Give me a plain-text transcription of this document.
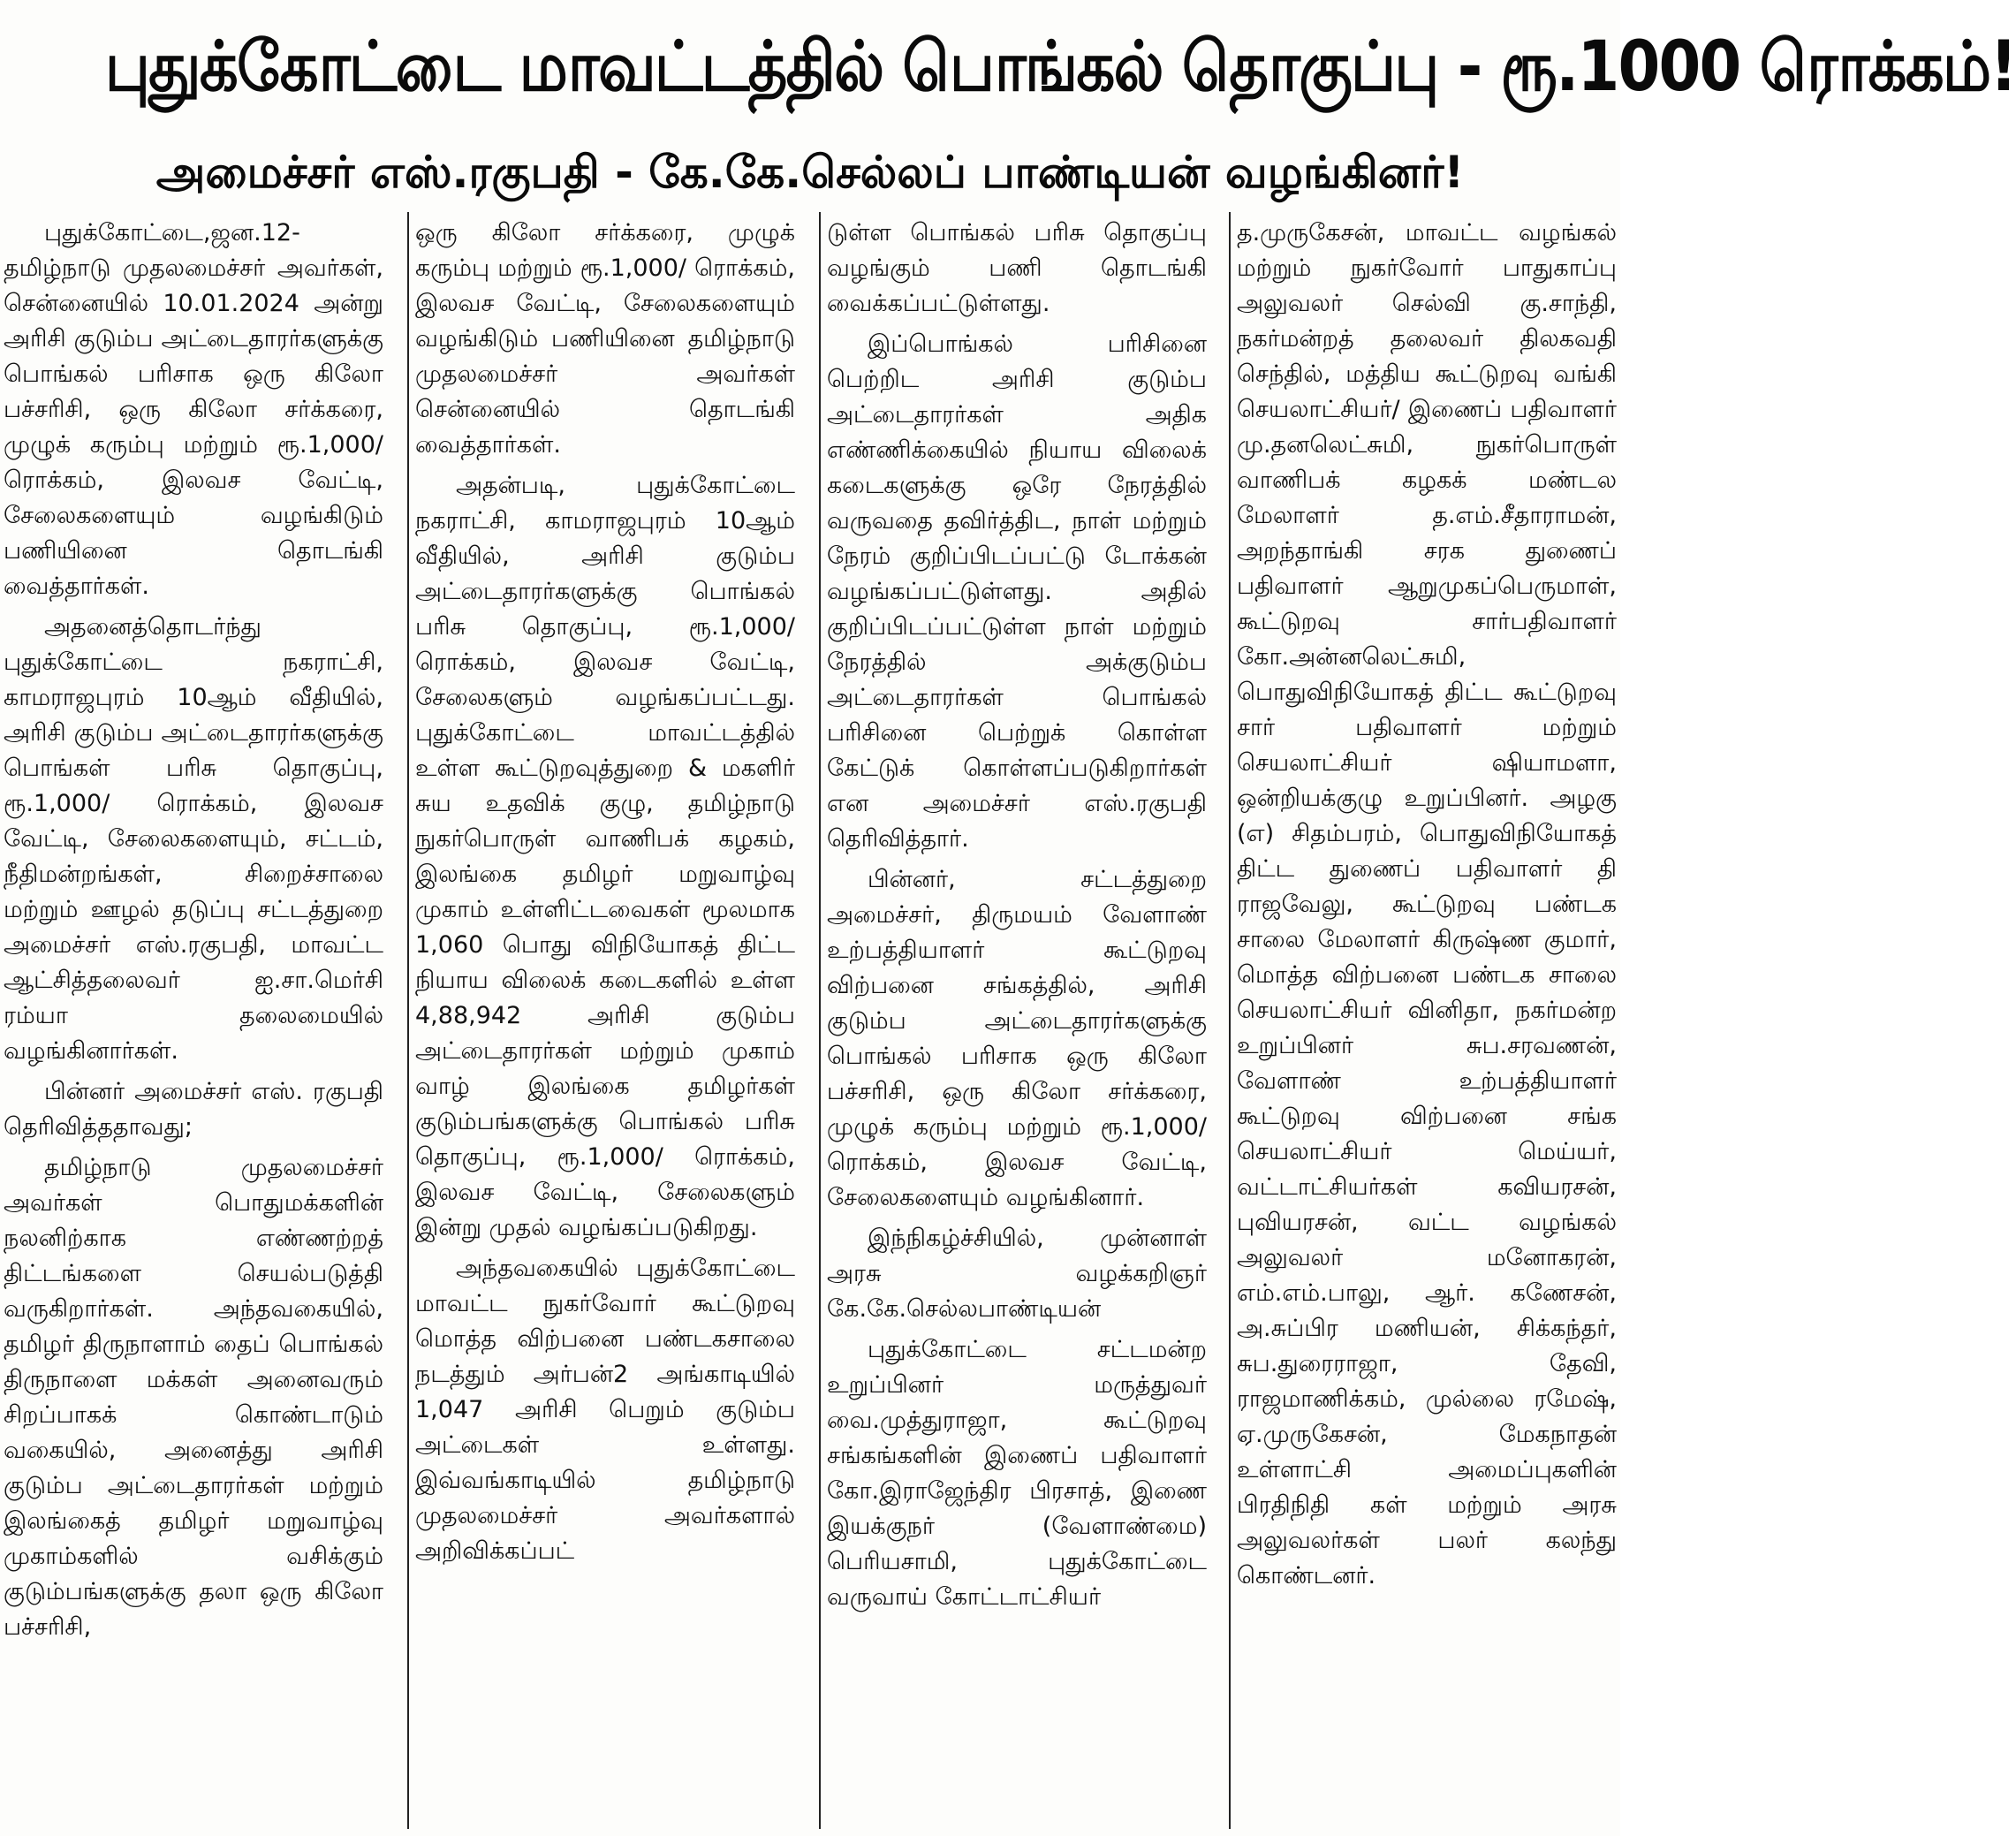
புதுக்கோட்டை மாவட்டத்தில் பொங்கல் தொகுப்பு - ரூ.1000 ரொக்கம்!
அமைச்சர் எஸ்.ரகுபதி - கே.கே.செல்லப் பாண்டியன் வழங்கினர்!

புதுக்கோட்டை,ஜன.12- தமிழ்நாடு முதலமைச்சர் அவர்கள், சென்னையில் 10.01.2024 அன்று அரிசி குடும்ப அட்டைதாரர்களுக்கு பொங்கல் பரிசாக ஒரு கிலோ பச்சரிசி, ஒரு கிலோ சர்க்கரை, முழுக் கரும்பு மற்றும் ரூ.1,000/ ரொக்கம், இலவச வேட்டி, சேலைகளையும் வழங்கிடும் பணியினை தொடங்கி வைத்தார்கள்.

அதனைத்தொடர்ந்து புதுக்கோட்டை நகராட்சி, காமராஜபுரம் 10ஆம் வீதியில், அரிசி குடும்ப அட்டைதாரர்களுக்கு பொங்கள் பரிசு தொகுப்பு, ரூ.1,000/ ரொக்கம், இலவச வேட்டி, சேலைகளையும், சட்டம், நீதிமன்றங்கள், சிறைச்சாலை மற்றும் ஊழல் தடுப்பு சட்டத்துறை அமைச்சர் எஸ்.ரகுபதி, மாவட்ட ஆட்சித்தலைவர் ஐ.சா.மெர்சி ரம்யா தலைமையில் வழங்கினார்கள்.

பின்னர் அமைச்சர் எஸ். ரகுபதி தெரிவித்ததாவது;

தமிழ்நாடு முதலமைச்சர் அவர்கள் பொதுமக்களின் நலனிற்காக எண்ணற்றத் திட்டங்களை செயல்படுத்தி வருகிறார்கள். அந்தவகையில், தமிழர் திருநாளாம் தைப் பொங்கல் திருநாளை மக்கள் அனைவரும் சிறப்பாகக் கொண்டாடும் வகையில், அனைத்து அரிசி குடும்ப அட்டைதாரர்கள் மற்றும் இலங்கைத் தமிழர் மறுவாழ்வு முகாம்களில் வசிக்கும் குடும்பங்களுக்கு தலா ஒரு கிலோ பச்சரிசி,

ஒரு கிலோ சர்க்கரை, முழுக் கரும்பு மற்றும் ரூ.1,000/ ரொக்கம், இலவச வேட்டி, சேலைகளையும் வழங்கிடும் பணியினை தமிழ்நாடு முதலமைச்சர் அவர்கள் சென்னையில் தொடங்கி வைத்தார்கள்.

அதன்படி, புதுக்கோட்டை நகராட்சி, காமராஜபுரம் 10ஆம் வீதியில், அரிசி குடும்ப அட்டைதாரர்களுக்கு பொங்கல் பரிசு தொகுப்பு, ரூ.1,000/ ரொக்கம், இலவச வேட்டி, சேலைகளும் வழங்கப்பட்டது. புதுக்கோட்டை மாவட்டத்தில் உள்ள கூட்டுறவுத்துறை & மகளிர் சுய உதவிக் குழு, தமிழ்நாடு நுகர்பொருள் வாணிபக் கழகம், இலங்கை தமிழர் மறுவாழ்வு முகாம் உள்ளிட்டவைகள் மூலமாக 1,060 பொது விநியோகத் திட்ட நியாய விலைக் கடைகளில் உள்ள 4,88,942 அரிசி குடும்ப அட்டைதாரர்கள் மற்றும் முகாம் வாழ் இலங்கை தமிழர்கள் குடும்பங்களுக்கு பொங்கல் பரிசு தொகுப்பு, ரூ.1,000/ ரொக்கம், இலவச வேட்டி, சேலைகளும் இன்று முதல் வழங்கப்படுகிறது.

அந்தவகையில் புதுக்கோட்டை மாவட்ட நுகர்வோர் கூட்டுறவு மொத்த விற்பனை பண்டகசாலை நடத்தும் அர்பன்2 அங்காடியில் 1,047 அரிசி பெறும் குடும்ப அட்டைகள் உள்ளது. இவ்வங்காடியில் தமிழ்நாடு முதலமைச்சர் அவர்களால் அறிவிக்கப்பட்

டுள்ள பொங்கல் பரிசு தொகுப்பு வழங்கும் பணி தொடங்கி வைக்கப்பட்டுள்ளது.

இப்பொங்கல் பரிசினை பெற்றிட அரிசி குடும்ப அட்டைதாரர்கள் அதிக எண்ணிக்கையில் நியாய விலைக் கடைகளுக்கு ஒரே நேரத்தில் வருவதை தவிர்த்திட, நாள் மற்றும் நேரம் குறிப்பிடப்பட்டு டோக்கன் வழங்கப்பட்டுள்ளது. அதில் குறிப்பிடப்பட்டுள்ள நாள் மற்றும் நேரத்தில் அக்குடும்ப அட்டைதாரர்கள் பொங்கல் பரிசினை பெற்றுக் கொள்ள கேட்டுக் கொள்ளப்படுகிறார்கள் என அமைச்சர் எஸ்.ரகுபதி தெரிவித்தார்.

பின்னர், சட்டத்துறை அமைச்சர், திருமயம் வேளாண் உற்பத்தியாளர் கூட்டுறவு விற்பனை சங்கத்தில், அரிசி குடும்ப அட்டைதாரர்களுக்கு பொங்கல் பரிசாக ஒரு கிலோ பச்சரிசி, ஒரு கிலோ சர்க்கரை, முழுக் கரும்பு மற்றும் ரூ.1,000/ ரொக்கம், இலவச வேட்டி, சேலைகளையும் வழங்கினார்.

இந்நிகழ்ச்சியில், முன்னாள் அரசு வழக்கறிஞர் கே.கே.செல்லபாண்டியன்

புதுக்கோட்டை சட்டமன்ற உறுப்பினர் மருத்துவர் வை.முத்துராஜா, கூட்டுறவு சங்கங்களின் இணைப் பதிவாளர் கோ.இராஜேந்திர பிரசாத், இணை இயக்குநர் (வேளாண்மை) பெரியசாமி, புதுக்கோட்டை வருவாய் கோட்டாட்சியர்

த.முருகேசன், மாவட்ட வழங்கல் மற்றும் நுகர்வோர் பாதுகாப்பு அலுவலர் செல்வி கு.சாந்தி, நகர்மன்றத் தலைவர் திலகவதி செந்தில், மத்திய கூட்டுறவு வங்கி செயலாட்சியர்/ இணைப் பதிவாளர் மு.தனலெட்சுமி, நுகர்பொருள் வாணிபக் கழகக் மண்டல மேலாளர் த.எம்.சீதாராமன், அறந்தாங்கி சரக துணைப் பதிவாளர் ஆறுமுகப்பெருமாள், கூட்டுறவு சார்பதிவாளர் கோ.அன்னலெட்சுமி, பொதுவிநியோகத் திட்ட கூட்டுறவு சார் பதிவாளர் மற்றும் செயலாட்சியர் ஷியாமளா, ஒன்றியக்குழு உறுப்பினர். அழகு (எ) சிதம்பரம், பொதுவிநியோகத் திட்ட துணைப் பதிவாளர் தி ராஜவேலு, கூட்டுறவு பண்டக சாலை மேலாளர் கிருஷ்ண குமார், மொத்த விற்பனை பண்டக சாலை செயலாட்சியர் வினிதா, நகர்மன்ற உறுப்பினர் சுப.சரவணன், வேளாண் உற்பத்தியாளர் கூட்டுறவு விற்பனை சங்க செயலாட்சியர் மெய்யர், வட்டாட்சியர்கள் கவியரசன், புவியரசன், வட்ட வழங்கல் அலுவலர் மனோகரன், எம்.எம்.பாலு, ஆர். கணேசன், அ.சுப்பிர மணியன், சிக்கந்தர், சுப.துரைராஜா, தேவி, ராஜமாணிக்கம், முல்லை ரமேஷ், ஏ.முருகேசன், மேகநாதன் உள்ளாட்சி அமைப்புகளின் பிரதிநிதி கள் மற்றும் அரசு அலுவலர்கள் பலர் கலந்து கொண்டனர்.
